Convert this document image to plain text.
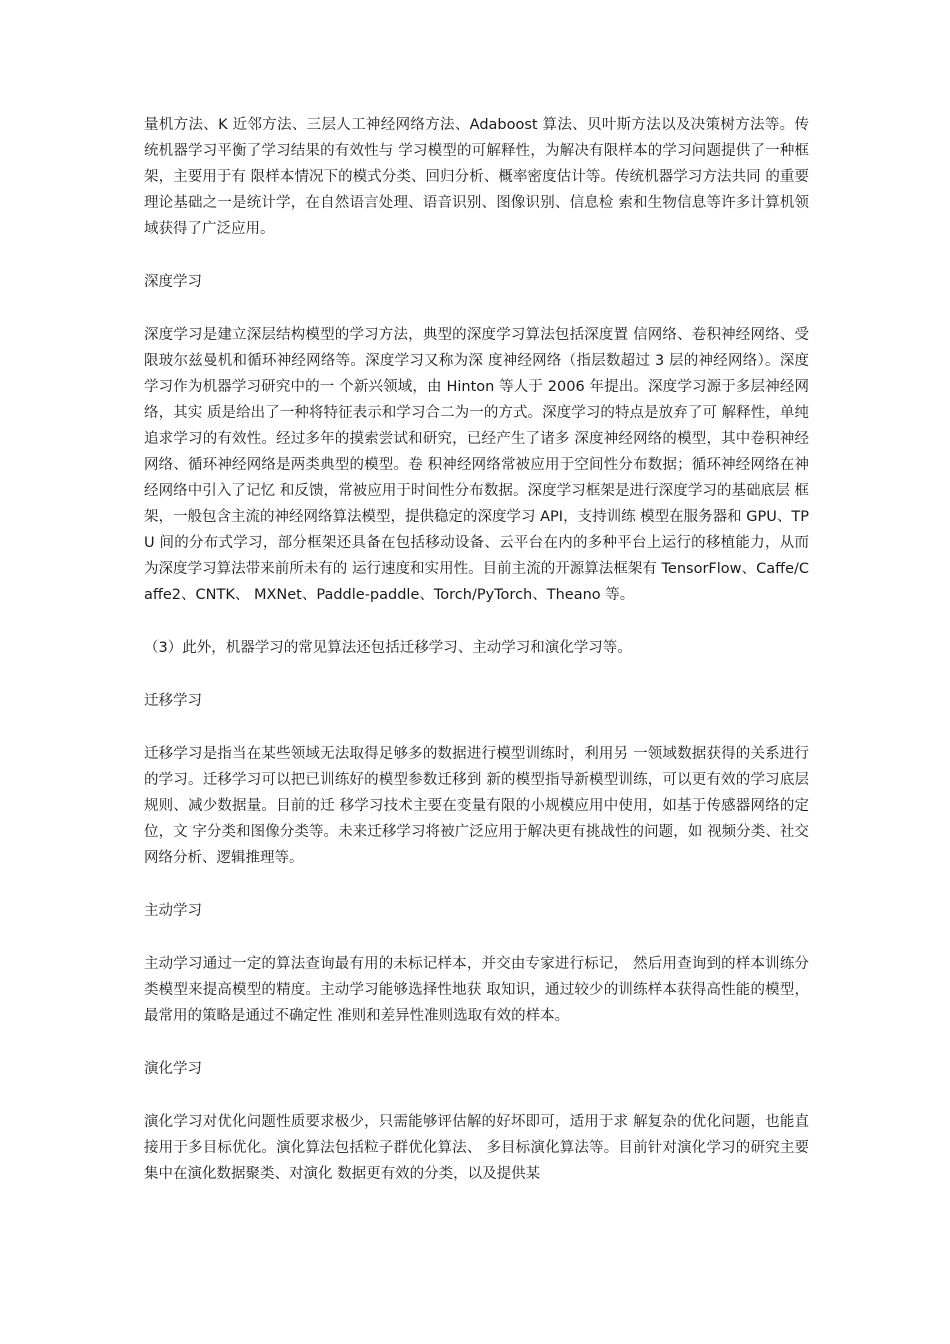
量机方法、K 近邻方法、三层人工神经网络方法、Adaboost 算法、贝叶斯方法以及决策树方法等。传统机器学习平衡了学习结果的有效性与 学习模型的可解释性，为解决有限样本的学习问题提供了一种框架，主要用于有 限样本情况下的模式分类、回归分析、概率密度估计等。传统机器学习方法共同 的重要理论基础之一是统计学，在自然语言处理、语音识别、图像识别、信息检 索和生物信息等许多计算机领域获得了广泛应用。

深度学习

深度学习是建立深层结构模型的学习方法，典型的深度学习算法包括深度置 信网络、卷积神经网络、受限玻尔兹曼机和循环神经网络等。深度学习又称为深 度神经网络（指层数超过 3 层的神经网络）。深度学习作为机器学习研究中的一 个新兴领域，由 Hinton 等人于 2006 年提出。深度学习源于多层神经网络，其实 质是给出了一种将特征表示和学习合二为一的方式。深度学习的特点是放弃了可 解释性，单纯追求学习的有效性。经过多年的摸索尝试和研究，已经产生了诸多 深度神经网络的模型，其中卷积神经网络、循环神经网络是两类典型的模型。卷 积神经网络常被应用于空间性分布数据；循环神经网络在神经网络中引入了记忆 和反馈，常被应用于时间性分布数据。深度学习框架是进行深度学习的基础底层 框架，一般包含主流的神经网络算法模型，提供稳定的深度学习 API，支持训练 模型在服务器和 GPU、TPU 间的分布式学习，部分框架还具备在包括移动设备、云平台在内的多种平台上运行的移植能力，从而为深度学习算法带来前所未有的 运行速度和实用性。目前主流的开源算法框架有 TensorFlow、Caffe/Caffe2、CNTK、 MXNet、Paddle-paddle、Torch/PyTorch、Theano 等。

（3）此外，机器学习的常见算法还包括迁移学习、主动学习和演化学习等。

迁移学习

迁移学习是指当在某些领域无法取得足够多的数据进行模型训练时，利用另 一领域数据获得的关系进行的学习。迁移学习可以把已训练好的模型参数迁移到 新的模型指导新模型训练，可以更有效的学习底层规则、减少数据量。目前的迁 移学习技术主要在变量有限的小规模应用中使用，如基于传感器网络的定位，文 字分类和图像分类等。未来迁移学习将被广泛应用于解决更有挑战性的问题，如 视频分类、社交网络分析、逻辑推理等。

主动学习

主动学习通过一定的算法查询最有用的未标记样本，并交由专家进行标记， 然后用查询到的样本训练分类模型来提高模型的精度。主动学习能够选择性地获 取知识，通过较少的训练样本获得高性能的模型，最常用的策略是通过不确定性 准则和差异性准则选取有效的样本。

演化学习

演化学习对优化问题性质要求极少，只需能够评估解的好坏即可，适用于求 解复杂的优化问题，也能直接用于多目标优化。演化算法包括粒子群优化算法、 多目标演化算法等。目前针对演化学习的研究主要集中在演化数据聚类、对演化 数据更有效的分类，以及提供某
